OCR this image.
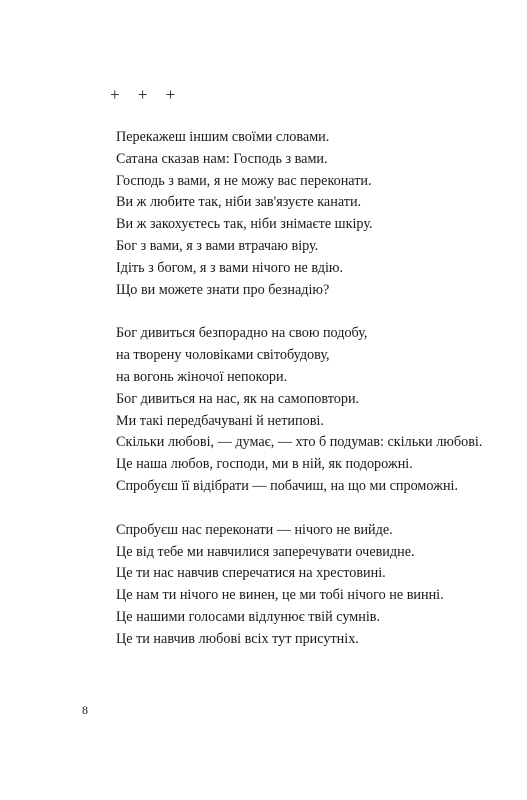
+ + +
Перекажеш іншим своїми словами.
Сатана сказав нам: Господь з вами.
Господь з вами, я не можу вас переконати.
Ви ж любите так, ніби зав'язуєте канати.
Ви ж закохуєтесь так, ніби знімаєте шкіру.
Бог з вами, я з вами втрачаю віру.
Ідіть з богом, я з вами нічого не вдію.
Що ви можете знати про безнадію?
Бог дивиться безпорадно на свою подобу,
на творену чоловіками світобудову,
на вогонь жіночої непокори.
Бог дивиться на нас, як на самоповтори.
Ми такі передбачувані й нетипові.
Скільки любові, — думає, — хто б подумав: скільки любові.
Це наша любов, господи, ми в ній, як подорожні.
Спробуєш її відібрати — побачиш, на що ми спроможні.
Спробуєш нас переконати — нічого не вийде.
Це від тебе ми навчилися заперечувати очевидне.
Це ти нас навчив сперечатися на хрестовині.
Це нам ти нічого не винен, це ми тобі нічого не винні.
Це нашими голосами відлунює твій сумнів.
Це ти навчив любові всіх тут присутніх.
8
